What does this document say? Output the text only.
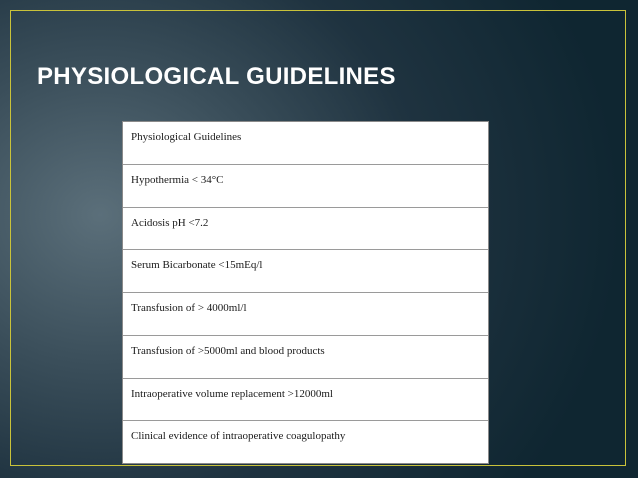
PHYSIOLOGICAL GUIDELINES
Physiological Guidelines
Hypothermia < 34°C
Acidosis pH <7.2
Serum Bicarbonate <15mEq/l
Transfusion of > 4000ml/l
Transfusion of >5000ml and blood products
Intraoperative volume replacement >12000ml
Clinical evidence of intraoperative coagulopathy
